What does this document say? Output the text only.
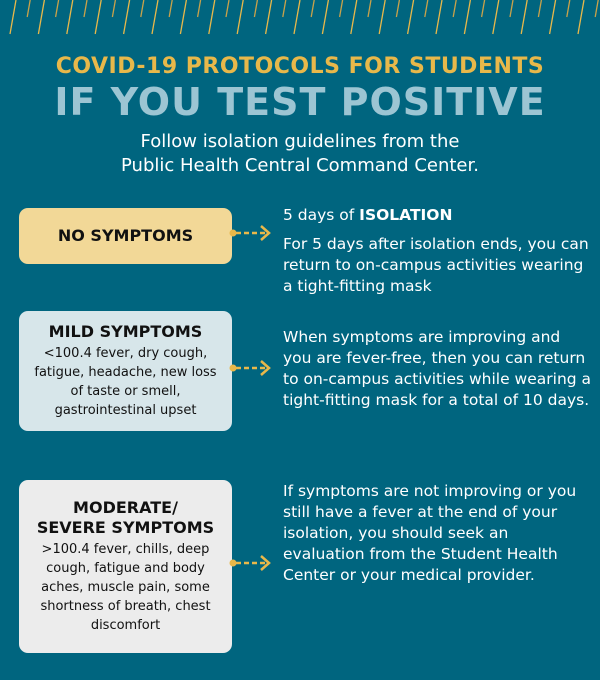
COVID-19 PROTOCOLS FOR STUDENTS
IF YOU TEST POSITIVE
Follow isolation guidelines from the
Public Health Central Command Center.
NO SYMPTOMS
MILD SYMPTOMS

<100.4 fever, dry cough, fatigue, headache, new loss of taste or smell, gastrointestinal upset

MODERATE/
SEVERE SYMPTOMS

>100.4 fever, chills, deep cough, fatigue and body aches, muscle pain, some shortness of breath, chest discomfort

5 days of ISOLATION
For 5 days after isolation ends, you can return to on-campus activities wearing a tight-fitting mask
When symptoms are improving and you are fever-free, then you can return to on-campus activities while wearing a tight-fitting mask for a total of 10 days.
If symptoms are not improving or you still have a fever at the end of your isolation, you should seek an evaluation from the Student Health Center or your medical provider.
